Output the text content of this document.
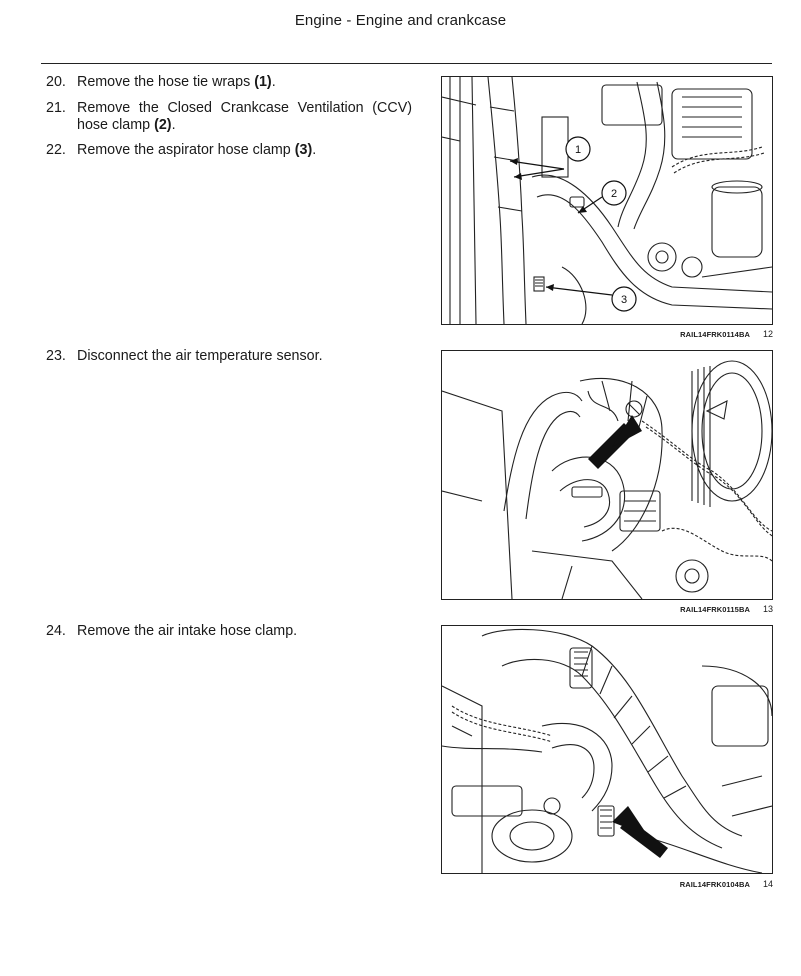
Engine - Engine and crankcase
20. Remove the hose tie wraps (1).
21. Remove the Closed Crankcase Ventilation (CCV) hose clamp (2).
22. Remove the aspirator hose clamp (3).	1
2
3
RAIL14FRK0114BA 12
23. Disconnect the air temperature sensor.
RAIL14FRK0115BA 13
24. Remove the air intake hose clamp.
RAIL14FRK0104BA 14
